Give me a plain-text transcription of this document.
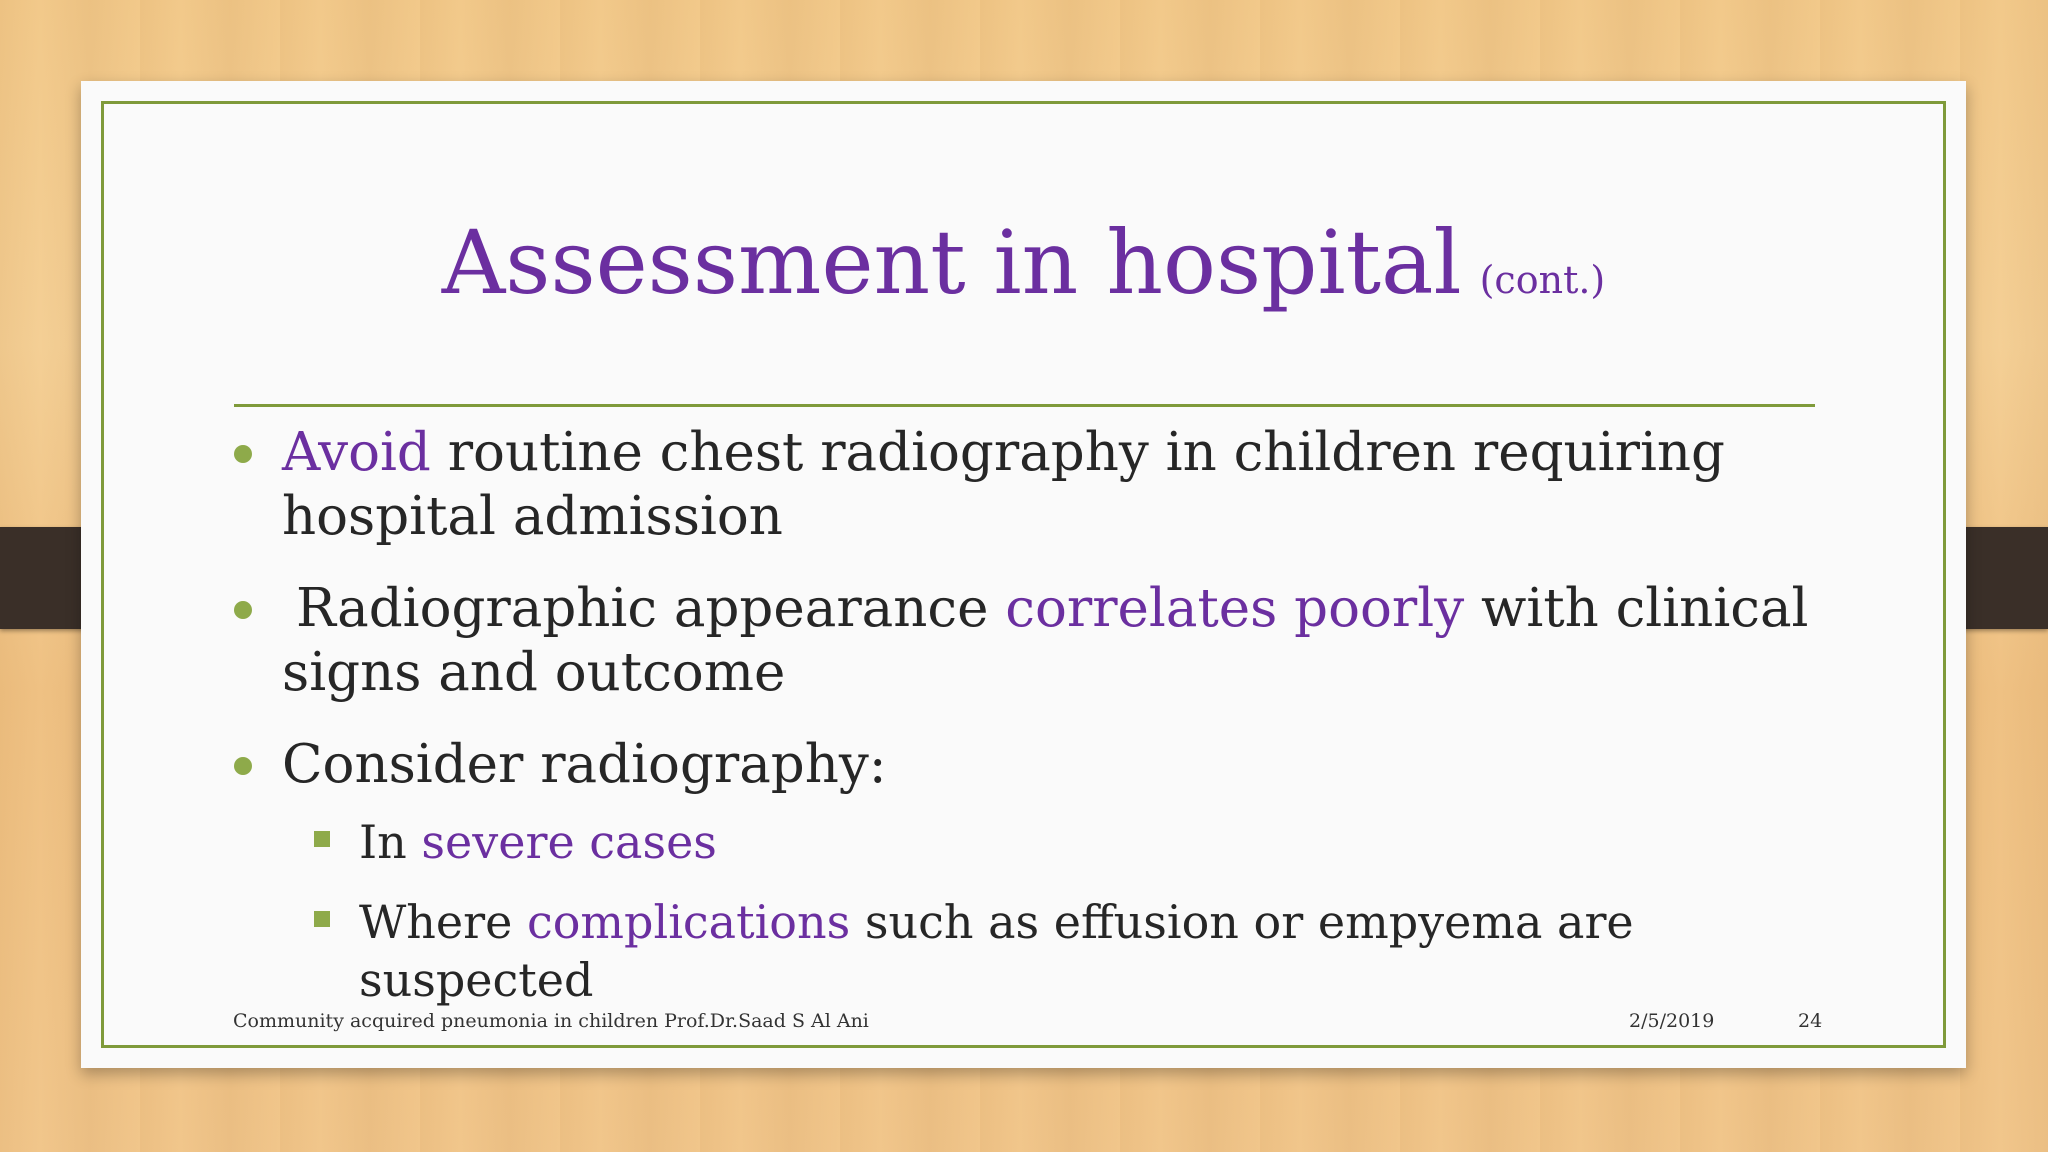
Assessment in hospital (cont.)
Avoid routine chest radiography in children requiring hospital admission
Radiographic appearance correlates poorly with clinical signs and outcome
Consider radiography:
In severe cases
Where complications such as effusion or empyema are suspected
Community acquired pneumonia in children Prof.Dr.Saad S Al Ani	2/5/2019	24
